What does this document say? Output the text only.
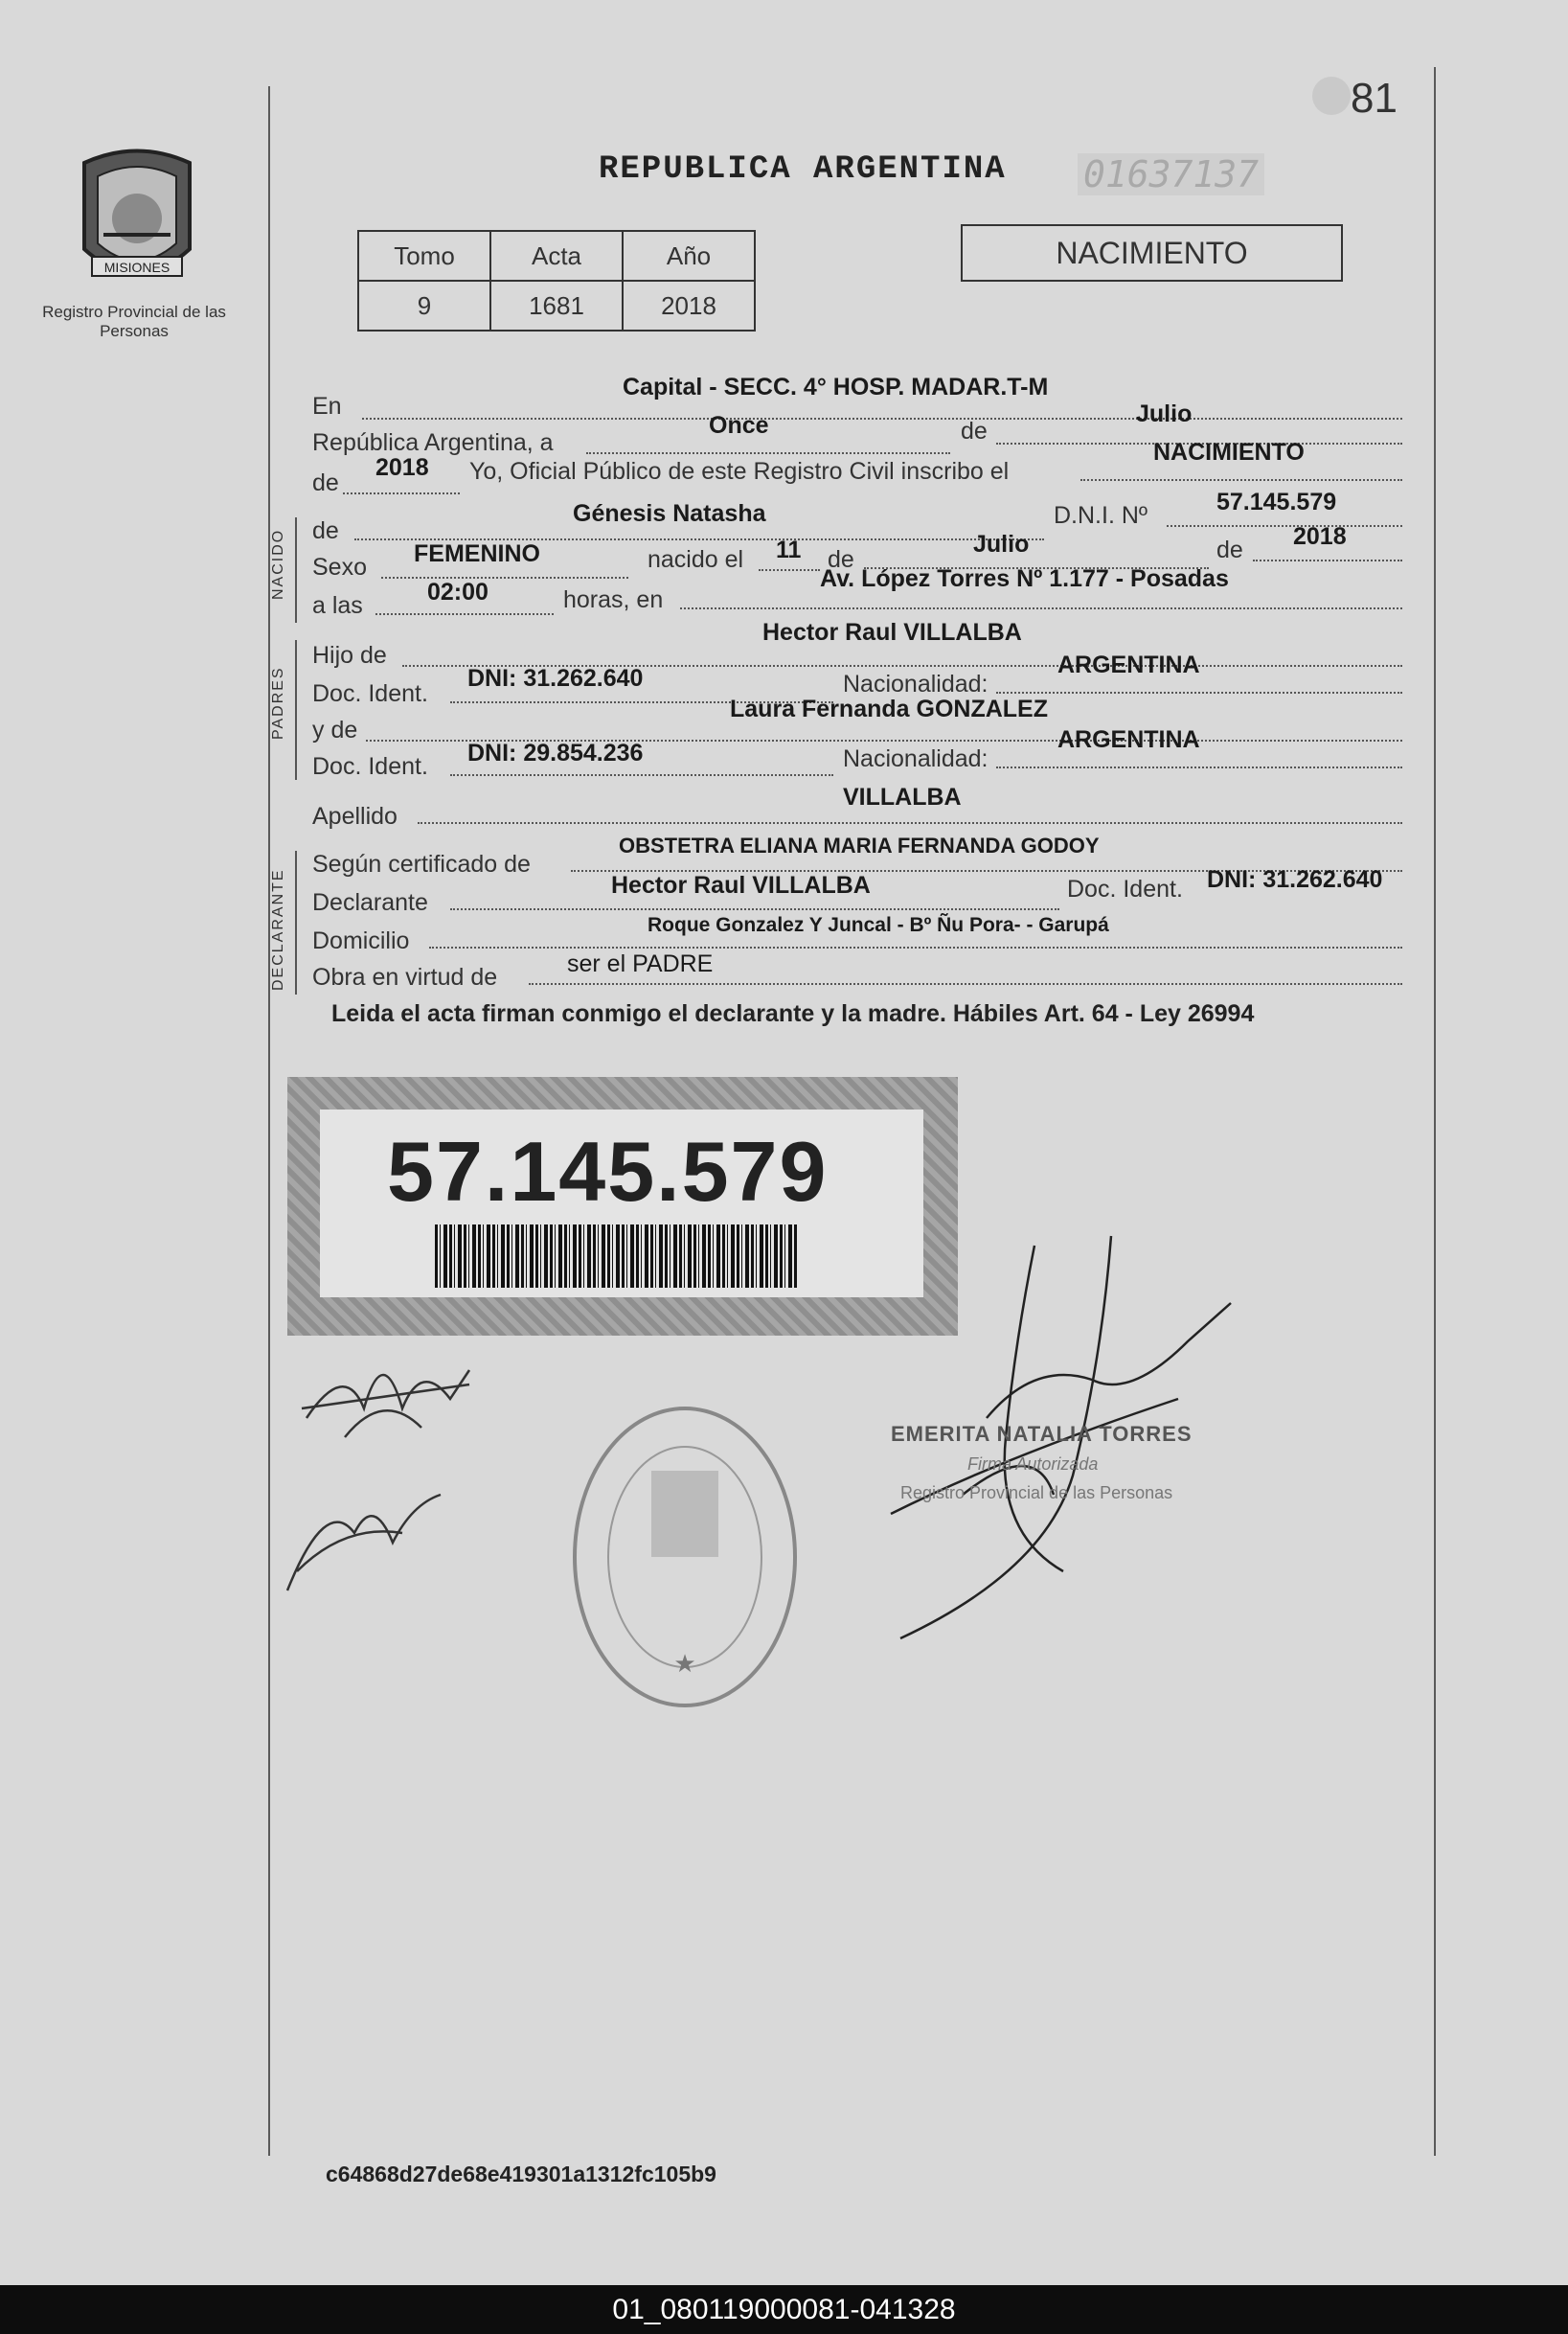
81
MISIONES
Registro Provincial de las Personas
REPUBLICA ARGENTINA 01637137
Tomo	Acta	Año
9	1681	2018
NACIMIENTO
En
Capital - SECC. 4° HOSP. MADAR.T-M
República Argentina, a
Once	de
Julio
de
2018 Yo, Oficial Público de este Registro Civil inscribo el
NACIMIENTO
NACIDO de
Génesis Natasha	D.N.I. Nº	57.145.579
Sexo FEMENINO	nacido el 11 de
Julio	de 2018
a las	02:00	horas, en
Av. López Torres Nº 1.177 - Posadas
PADRES
Hijo de
Hector Raul VILLALBA
Doc. Ident.
DNI: 31.262.640	Nacionalidad:
ARGENTINA
y de
Laura Fernanda GONZALEZ
Doc. Ident. DNI: 29.854.236	Nacionalidad:
ARGENTINA
Apellido
VILLALBA
DECLARANTE
Según certificado de
OBSTETRA ELIANA MARIA FERNANDA GODOY
Declarante
Hector Raul VILLALBA	Doc. Ident. DNI: 31.262.640
Domicilio
Roque Gonzalez Y Juncal - Bº Ñu Pora- - Garupá
Obra en virtud de	ser el PADRE
Leida el acta firman conmigo el declarante y la madre. Hábiles Art. 64 - Ley 26994
57.145.579
★
EMERITA NATALIA TORRES
Firma Autorizada
Registro Provincial de las Personas
c64868d27de68e419301a1312fc105b9
01_080119000081-041328
